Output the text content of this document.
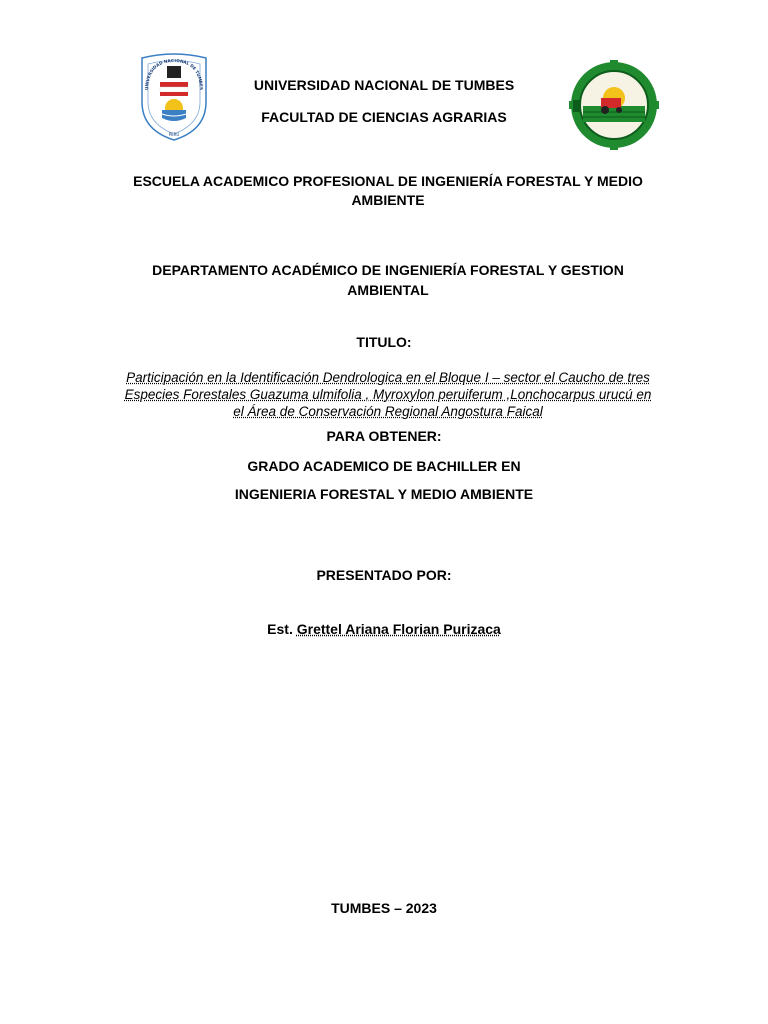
UNIVERSIDAD NACIONAL DE TUMBES
PERÚ
UNIVERSIDAD NACIONAL DE TUMBES
FACULTAD DE CIENCIAS AGRARIAS
ESCUELA ACADEMICO PROFESIONAL DE INGENIERÍA FORESTAL Y MEDIO AMBIENTE
DEPARTAMENTO ACADÉMICO DE INGENIERÍA FORESTAL Y GESTION AMBIENTAL
TITULO:
Participación en la Identificación Dendrologica en el Bloque I – sector el Caucho de tres Especies Forestales Guazuma ulmifolia , Myroxylon peruiferum ,Lonchocarpus urucú en el Área de Conservación Regional Angostura Faical
PARA OBTENER:
GRADO ACADEMICO DE BACHILLER EN
INGENIERIA FORESTAL Y MEDIO AMBIENTE
PRESENTADO POR:
Est. Grettel Ariana Florian Purizaca
TUMBES – 2023
